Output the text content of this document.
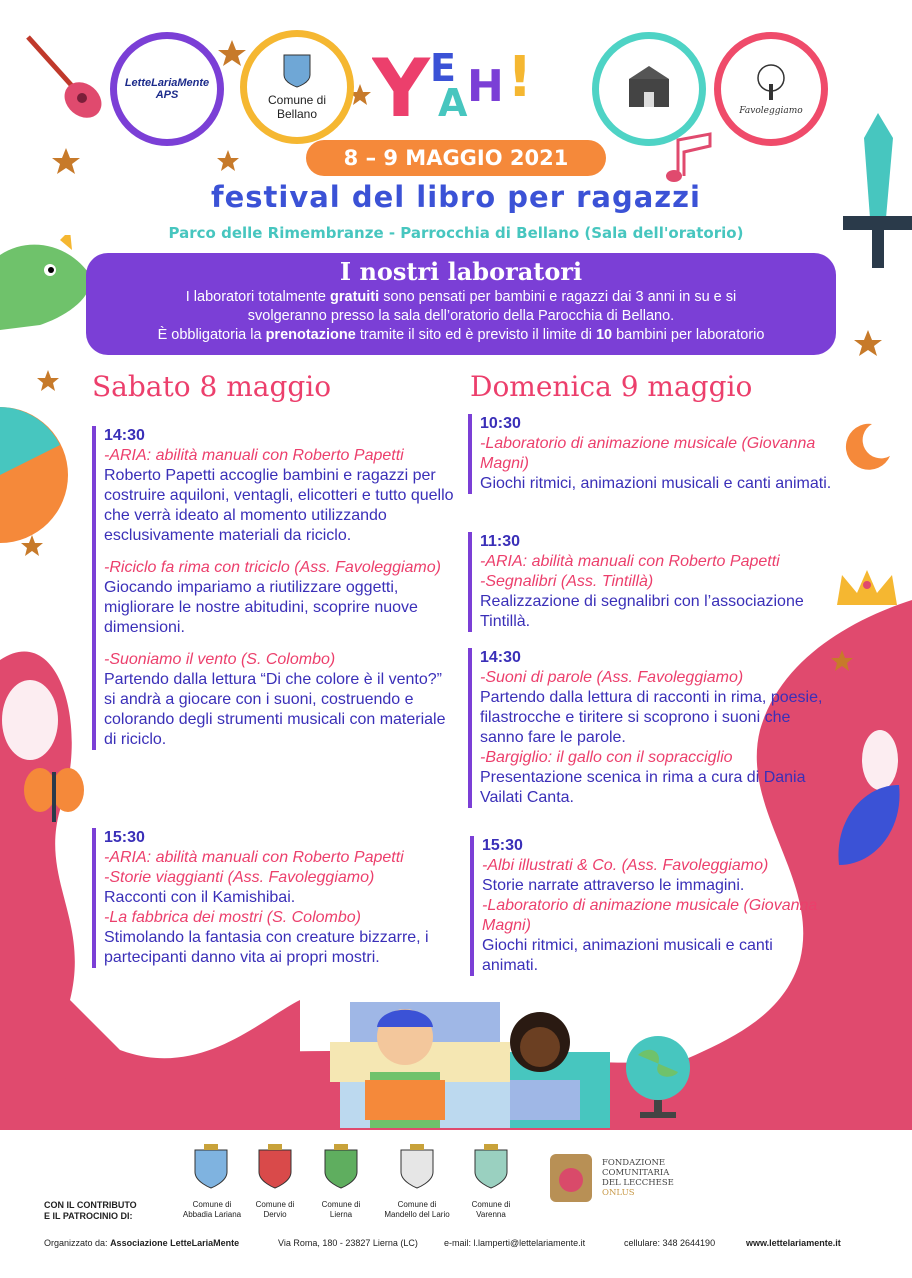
LetteLariaMente APS	Comune di
Bellano Y E
A H !
Favoleggiamo
8 – 9 MAGGIO 2021
festival del libro per ragazzi
Parco delle Rimembranze - Parrocchia di Bellano (Sala dell'oratorio)
I nostri laboratori
I laboratori totalmente gratuiti sono pensati per bambini e ragazzi dai 3 anni in su e si
svolgeranno presso la sala dell’oratorio della Parocchia di Bellano.
È obbligatoria la prenotazione tramite il sito ed è previsto il limite di 10 bambini per laboratorio
Sabato 8 maggio	Domenica 9 maggio
14:30
-ARIA: abilità manuali con Roberto Papetti
Roberto Papetti accoglie bambini e ragazzi per costruire aquiloni, ventagli, elicotteri e tutto quello che verrà ideato al momento utilizzando esclusivamente materiali da riciclo.
-Riciclo fa rima con triciclo (Ass. Favoleggiamo)
Giocando impariamo a riutilizzare oggetti, migliorare le nostre abitudini, scoprire nuove dimensioni.
-Suoniamo il vento (S. Colombo)
Partendo dalla lettura “Di che colore è il vento?” si andrà a giocare con i suoni, costruendo e colorando degli strumenti musicali con materiale di riciclo.
15:30
-ARIA: abilità manuali con Roberto Papetti
-Storie viaggianti (Ass. Favoleggiamo)
Racconti con il Kamishibai.
-La fabbrica dei mostri (S. Colombo)
Stimolando la fantasia con creature bizzarre, i partecipanti danno vita ai propri mostri.
10:30
-Laboratorio di animazione musicale (Giovanna Magni)
Giochi ritmici, animazioni musicali e canti animati.
11:30
-ARIA: abilità manuali con Roberto Papetti
-Segnalibri (Ass. Tintillà)
Realizzazione di segnalibri con l’associazione Tintillà.
14:30
-Suoni di parole (Ass. Favoleggiamo)
Partendo dalla lettura di racconti in rima, poesie, filastrocche e tiritere si scoprono i suoni che sanno fare le parole.
-Bargiglio: il gallo con il sopracciglio
Presentazione scenica in rima a cura di Dania Vailati Canta.
15:30
-Albi illustrati & Co. (Ass. Favoleggiamo)
Storie narrate attraverso le immagini.
-Laboratorio di animazione musicale (Giovanna Magni)
Giochi ritmici, animazioni musicali e canti animati.
CON IL CONTRIBUTO
E IL PATROCINIO DI:
Comune di
Abbadia Lariana
Comune di
Dervio
Comune di
Lierna
Comune di
Mandello del Lario
Comune di
Varenna
FONDAZIONE
COMUNITARIA
DEL LECCHESE
ONLUS
Organizzato da: Associazione LetteLariaMente	Via Roma, 180 - 23827 Lierna (LC)	e-mail: l.lamperti@lettelariamente.it	cellulare: 348 2644190	www.lettelariamente.it
